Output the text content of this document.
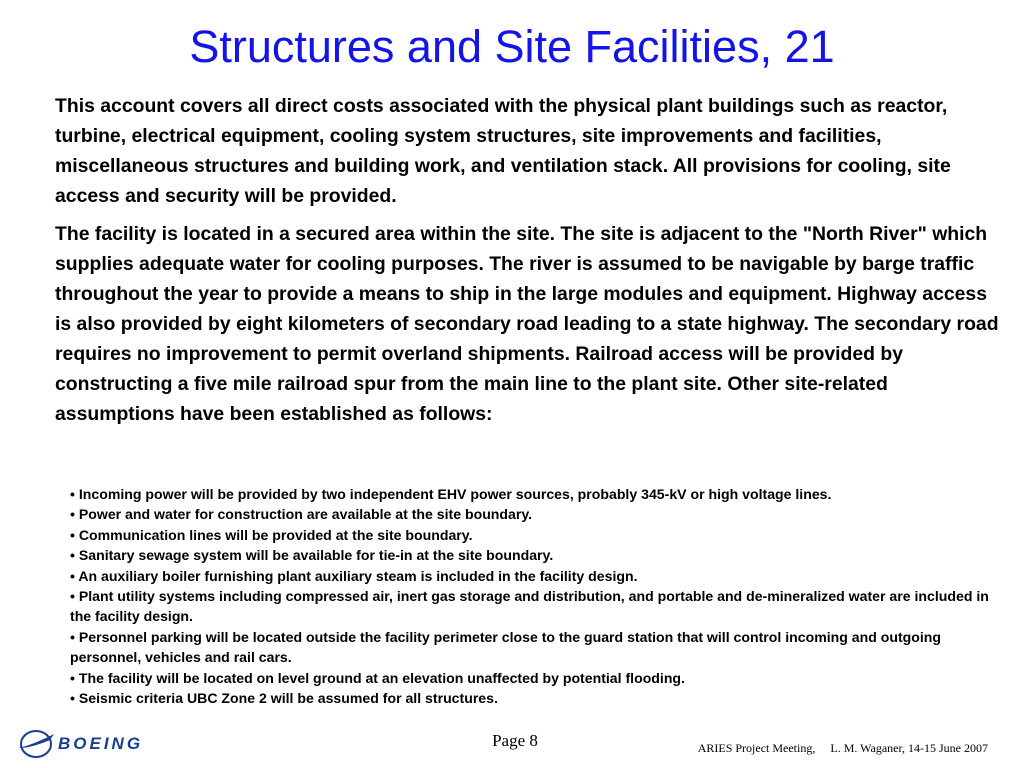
Structures and Site Facilities, 21

This account covers all direct costs associated with the physical plant buildings such as reactor, turbine, electrical equipment, cooling system structures, site improvements and facilities, miscellaneous structures and building work, and ventilation stack. All provisions for cooling, site access and security will be provided.

The facility is located in a secured area within the site. The site is adjacent to the "North River" which supplies adequate water for cooling purposes. The river is assumed to be navigable by barge traffic throughout the year to provide a means to ship in the large modules and equipment. Highway access is also provided by eight kilometers of secondary road leading to a state highway. The secondary road requires no improvement to permit overland shipments. Railroad access will be provided by constructing a five mile railroad spur from the main line to the plant site. Other site-related assumptions have been established as follows:

• Incoming power will be provided by two independent EHV power sources, probably 345-kV or high voltage lines.
• Power and water for construction are available at the site boundary.
• Communication lines will be provided at the site boundary.
• Sanitary sewage system will be available for tie-in at the site boundary.
• An auxiliary boiler furnishing plant auxiliary steam is included in the facility design.
• Plant utility systems including compressed air, inert gas storage and distribution, and portable and de-mineralized water are included in the facility design.
• Personnel parking will be located outside the facility perimeter close to the guard station that will control incoming and outgoing personnel, vehicles and rail cars.
• The facility will be located on level ground at an elevation unaffected by potential flooding.
• Seismic criteria UBC Zone 2 will be assumed for all structures.
BOEING	Page 8	ARIES Project Meeting, L. M. Waganer, 14-15 June 2007
